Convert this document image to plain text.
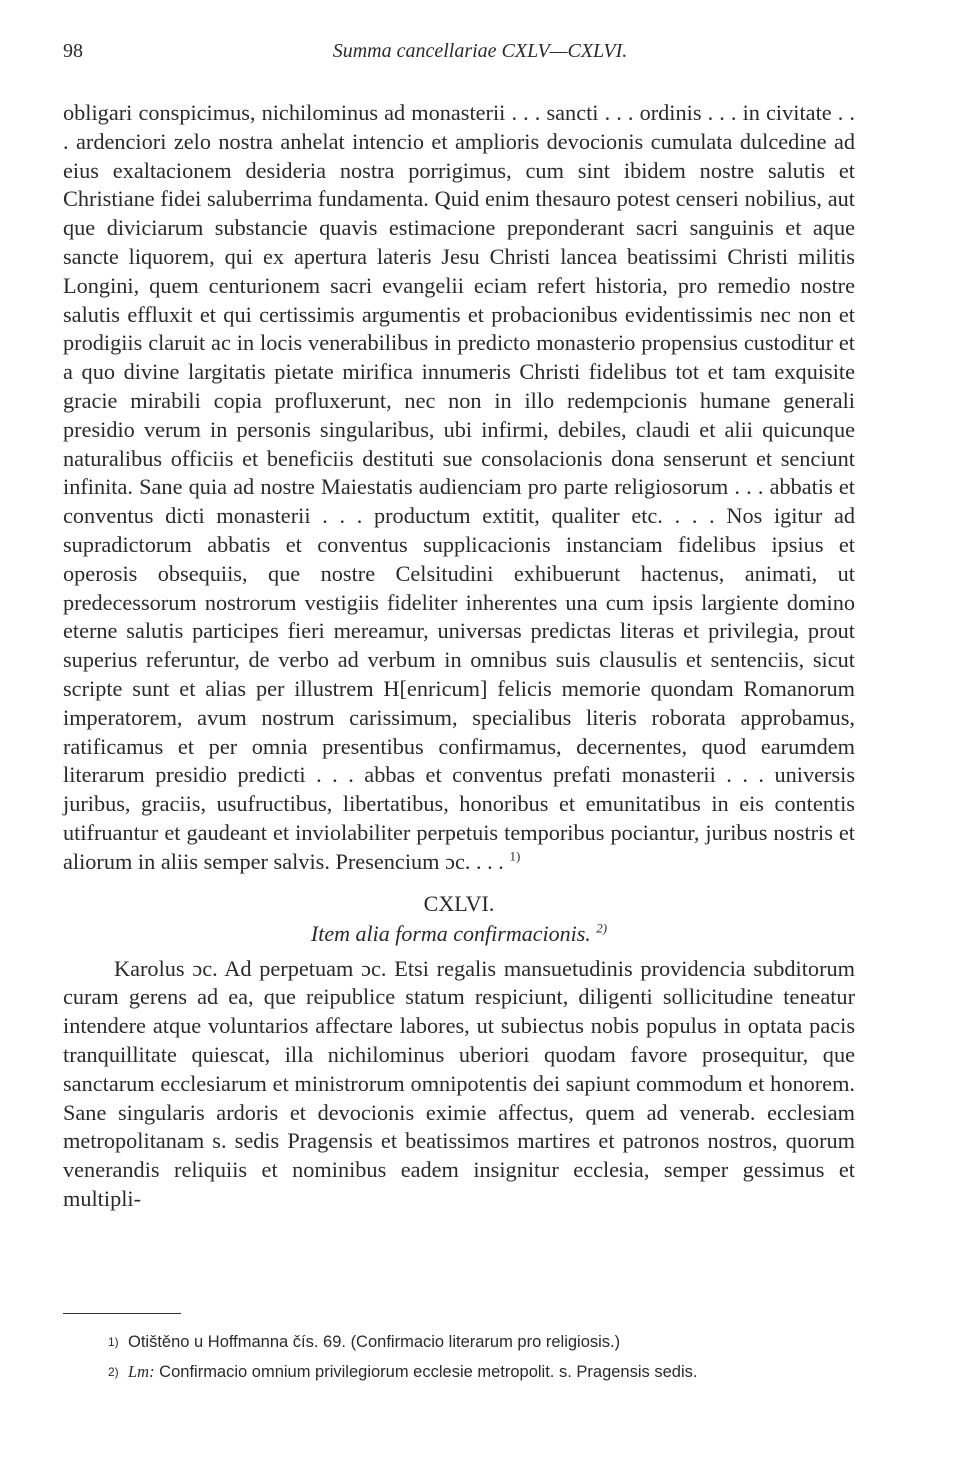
98	Summa cancellariae CXLV—CXLVI.

obligari conspicimus, nichilominus ad monasterii . . . sancti . . . ordinis . . . in civitate . . . ardenciori zelo nostra anhelat intencio et amplioris devocionis cumulata dulcedine ad eius exaltacionem desideria nostra porrigimus, cum sint ibidem nostre salutis et Christiane fidei saluberrima fundamenta. Quid enim thesauro potest censeri nobilius, aut que diviciarum substancie quavis estimacione preponderant sacri sanguinis et aque sancte liquorem, qui ex apertura lateris Jesu Christi lancea beatissimi Christi militis Longini, quem centurionem sacri evangelii eciam refert historia, pro remedio nostre salutis effluxit et qui certissimis argumentis et probacionibus evidentissimis nec non et prodigiis claruit ac in locis venerabilibus in predicto monasterio propensius custoditur et a quo divine largitatis pietate mirifica innumeris Christi fidelibus tot et tam exquisite gracie mirabili copia profluxerunt, nec non in illo redempcionis humane generali presidio verum in personis singularibus, ubi infirmi, debiles, claudi et alii quicunque naturalibus officiis et beneficiis destituti sue consolacionis dona senserunt et senciunt infinita. Sane quia ad nostre Maiestatis audienciam pro parte religiosorum . . . abbatis et conventus dicti monasterii . . . productum extitit, qualiter etc. . . . Nos igitur ad supradictorum abbatis et conventus supplicacionis instanciam fidelibus ipsius et operosis obsequiis, que nostre Celsitudini exhibuerunt hactenus, animati, ut predecessorum nostrorum vestigiis fideliter inherentes una cum ipsis largiente domino eterne salutis participes fieri mereamur, universas predictas literas et privilegia, prout superius referuntur, de verbo ad verbum in omnibus suis clausulis et sentenciis, sicut scripte sunt et alias per illustrem H[enricum] felicis memorie quondam Romanorum imperatorem, avum nostrum carissimum, specialibus literis roborata approbamus, ratificamus et per omnia presentibus confirmamus, decernentes, quod earumdem literarum presidio predicti . . . abbas et conventus prefati monasterii . . . universis juribus, graciis, usufructibus, libertatibus, honoribus et emunitatibus in eis contentis utifruantur et gaudeant et inviolabiliter perpetuis temporibus pociantur, juribus nostris et aliorum in aliis semper salvis. Presencium ɔc. . . . $^{1)}$

CXLVI.
Item alia forma confirmacionis. $^{2)}$

Karolus ɔc. Ad perpetuam ɔc. Etsi regalis mansuetudinis providencia subditorum curam gerens ad ea, que reipublice statum respiciunt, diligenti sollicitudine teneatur intendere atque voluntarios affectare labores, ut subiectus nobis populus in optata pacis tranquillitate quiescat, illa nichilominus uberiori quodam favore prosequitur, que sanctarum ecclesiarum et ministrorum omnipotentis dei sapiunt commodum et honorem. Sane singularis ardoris et devocionis eximie affectus, quem ad venerab. ecclesiam metropolitanam s. sedis Pragensis et beatissimos martires et patronos nostros, quorum venerandis reliquiis et nominibus eadem insignitur ecclesia, semper gessimus et multipli-

1) Otištěno u Hoffmanna čís. 69. (Confirmacio literarum pro religiosis.)
2) Lm: Confirmacio omnium privilegiorum ecclesie metropolit. s. Pragensis sedis.
